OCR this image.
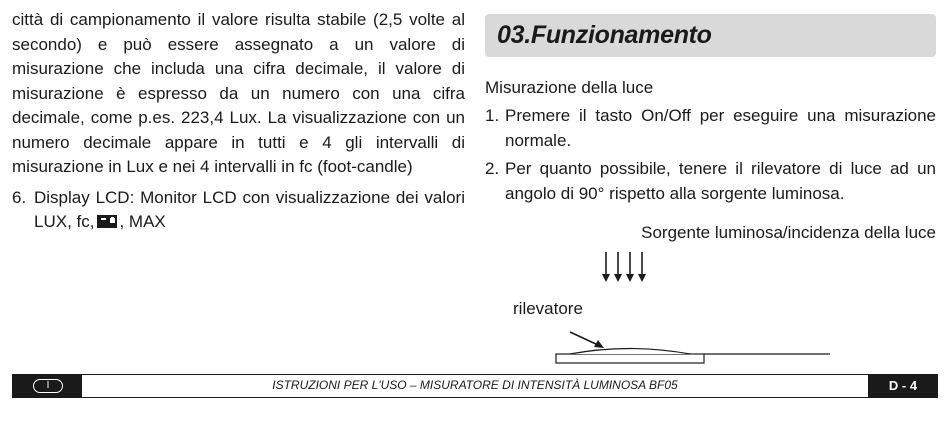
città di campionamento il valore risulta stabile (2,5 volte al secondo) e può essere assegnato a un valore di misurazione che includa una cifra decimale, il valore di misurazione è espresso da un numero con una cifra decimale, come p.es. 223,4 Lux. La visualizzazione con un numero decimale appare in tutti e 4 gli intervalli di misurazione in Lux e nei 4 intervalli in fc (foot-candle)

6. Display LCD: Monitor LCD con visualizzazione dei valori LUX, fc, , MAX
03.Funzionamento
Misurazione della luce
1. Premere il tasto On/Off per eseguire una misurazione normale.
2. Per quanto possibile, tenere il rilevatore di luce ad un angolo di 90° rispetto alla sorgente luminosa.
Sorgente luminosa/incidenza della luce
rilevatore
I	ISTRUZIONI PER L'USO – MISURATORE DI INTENSITÀ LUMINOSA BF05	D - 4
